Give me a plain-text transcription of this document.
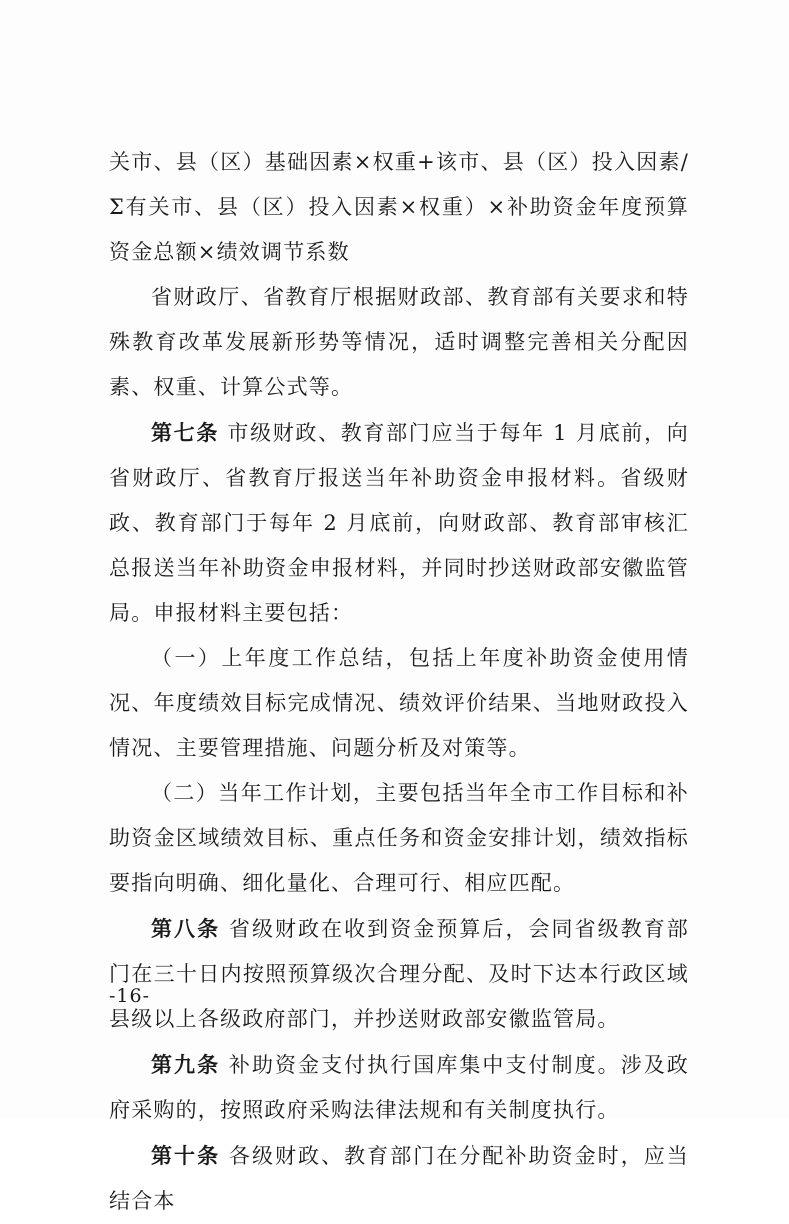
关市、县（区）基础因素×权重+该市、县（区）投入因素/Σ有关市、县（区）投入因素×权重）×补助资金年度预算资金总额×绩效调节系数

省财政厅、省教育厅根据财政部、教育部有关要求和特殊教育改革发展新形势等情况，适时调整完善相关分配因素、权重、计算公式等。

第七条 市级财政、教育部门应当于每年 1 月底前，向省财政厅、省教育厅报送当年补助资金申报材料。省级财政、教育部门于每年 2 月底前，向财政部、教育部审核汇总报送当年补助资金申报材料，并同时抄送财政部安徽监管局。申报材料主要包括：

（一）上年度工作总结，包括上年度补助资金使用情况、年度绩效目标完成情况、绩效评价结果、当地财政投入情况、主要管理措施、问题分析及对策等。

（二）当年工作计划，主要包括当年全市工作目标和补助资金区域绩效目标、重点任务和资金安排计划，绩效指标要指向明确、细化量化、合理可行、相应匹配。

第八条 省级财政在收到资金预算后，会同省级教育部门在三十日内按照预算级次合理分配、及时下达本行政区域县级以上各级政府部门，并抄送财政部安徽监管局。

第九条 补助资金支付执行国库集中支付制度。涉及政府采购的，按照政府采购法律法规和有关制度执行。

第十条 各级财政、教育部门在分配补助资金时，应当结合本

-16-
